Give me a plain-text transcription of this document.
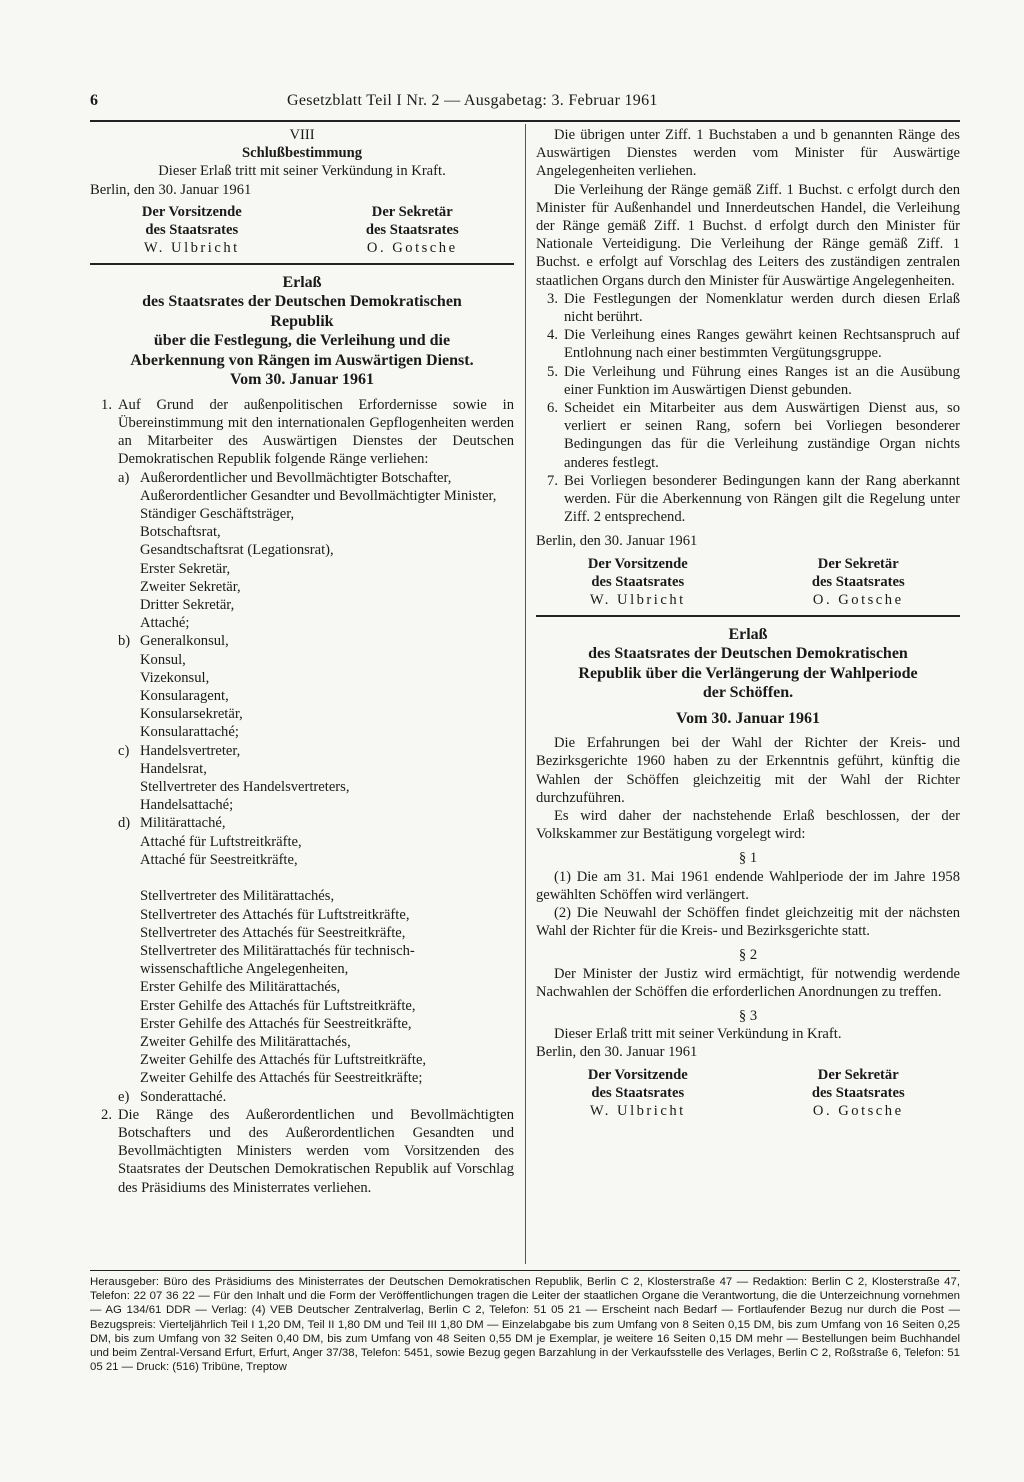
6	Gesetzblatt Teil I Nr. 2 — Ausgabetag: 3. Februar 1961
VIII
Schlußbestimmung
Dieser Erlaß tritt mit seiner Verkündung in Kraft.
Berlin, den 30. Januar 1961
Der Vorsitzende
des Staatsrates
W. Ulbricht
Der Sekretär
des Staatsrates
O. Gotsche
Erlaß
des Staatsrates der Deutschen Demokratischen
Republik
über die Festlegung, die Verleihung und die
Aberkennung von Rängen im Auswärtigen Dienst.
Vom 30. Januar 1961
1. Auf Grund der außenpolitischen Erfordernisse sowie in Übereinstimmung mit den internationalen Gepflogenheiten werden an Mitarbeiter des Auswärtigen Dienstes der Deutschen Demokratischen Republik folgende Ränge verliehen:
a) Außerordentlicher und Bevollmächtigter Botschafter,
Außerordentlicher Gesandter und Bevollmächtigter Minister,
Ständiger Geschäftsträger,
Botschaftsrat,
Gesandtschaftsrat (Legationsrat),
Erster Sekretär,
Zweiter Sekretär,
Dritter Sekretär,
Attaché;
b) Generalkonsul,
Konsul,
Vizekonsul,
Konsularagent,
Konsularsekretär,
Konsularattaché;
c) Handelsvertreter,
Handelsrat,
Stellvertreter des Handelsvertreters,
Handelsattaché;
d) Militärattaché,
Attaché für Luftstreitkräfte,
Attaché für Seestreitkräfte,

Stellvertreter des Militärattachés,
Stellvertreter des Attachés für Luftstreitkräfte,
Stellvertreter des Attachés für Seestreitkräfte,
Stellvertreter des Militärattachés für technisch-wissenschaftliche Angelegenheiten,
Erster Gehilfe des Militärattachés,
Erster Gehilfe des Attachés für Luftstreitkräfte,
Erster Gehilfe des Attachés für Seestreitkräfte,
Zweiter Gehilfe des Militärattachés,
Zweiter Gehilfe des Attachés für Luftstreitkräfte,
Zweiter Gehilfe des Attachés für Seestreitkräfte;
e) Sonderattaché.
2. Die Ränge des Außerordentlichen und Bevollmächtigten Botschafters und des Außerordentlichen Gesandten und Bevollmächtigten Ministers werden vom Vorsitzenden des Staatsrates der Deutschen Demokratischen Republik auf Vorschlag des Präsidiums des Ministerrates verliehen.

Die übrigen unter Ziff. 1 Buchstaben a und b genannten Ränge des Auswärtigen Dienstes werden vom Minister für Auswärtige Angelegenheiten verliehen.

Die Verleihung der Ränge gemäß Ziff. 1 Buchst. c erfolgt durch den Minister für Außenhandel und Innerdeutschen Handel, die Verleihung der Ränge gemäß Ziff. 1 Buchst. d erfolgt durch den Minister für Nationale Verteidigung. Die Verleihung der Ränge gemäß Ziff. 1 Buchst. e erfolgt auf Vorschlag des Leiters des zuständigen zentralen staatlichen Organs durch den Minister für Auswärtige Angelegenheiten.

3. Die Festlegungen der Nomenklatur werden durch diesen Erlaß nicht berührt.
4. Die Verleihung eines Ranges gewährt keinen Rechtsanspruch auf Entlohnung nach einer bestimmten Vergütungsgruppe.
5. Die Verleihung und Führung eines Ranges ist an die Ausübung einer Funktion im Auswärtigen Dienst gebunden.
6. Scheidet ein Mitarbeiter aus dem Auswärtigen Dienst aus, so verliert er seinen Rang, sofern bei Vorliegen besonderer Bedingungen das für die Verleihung zuständige Organ nichts anderes festlegt.
7. Bei Vorliegen besonderer Bedingungen kann der Rang aberkannt werden. Für die Aberkennung von Rängen gilt die Regelung unter Ziff. 2 entsprechend.
Berlin, den 30. Januar 1961
Der Vorsitzende
des Staatsrates
W. Ulbricht
Der Sekretär
des Staatsrates
O. Gotsche
Erlaß
des Staatsrates der Deutschen Demokratischen
Republik über die Verlängerung der Wahlperiode
der Schöffen.
Vom 30. Januar 1961

Die Erfahrungen bei der Wahl der Richter der Kreis- und Bezirksgerichte 1960 haben zu der Erkenntnis geführt, künftig die Wahlen der Schöffen gleichzeitig mit der Wahl der Richter durchzuführen.

Es wird daher der nachstehende Erlaß beschlossen, der der Volkskammer zur Bestätigung vorgelegt wird:

§ 1

(1) Die am 31. Mai 1961 endende Wahlperiode der im Jahre 1958 gewählten Schöffen wird verlängert.

(2) Die Neuwahl der Schöffen findet gleichzeitig mit der nächsten Wahl der Richter für die Kreis- und Bezirksgerichte statt.

§ 2

Der Minister der Justiz wird ermächtigt, für notwendig werdende Nachwahlen der Schöffen die erforderlichen Anordnungen zu treffen.

§ 3

Dieser Erlaß tritt mit seiner Verkündung in Kraft.

Berlin, den 30. Januar 1961
Der Vorsitzende
des Staatsrates
W. Ulbricht
Der Sekretär
des Staatsrates
O. Gotsche
Herausgeber: Büro des Präsidiums des Ministerrates der Deutschen Demokratischen Republik, Berlin C 2, Klosterstraße 47 — Redaktion: Berlin C 2, Klosterstraße 47, Telefon: 22 07 36 22 — Für den Inhalt und die Form der Veröffentlichungen tragen die Leiter der staatlichen Organe die Verantwortung, die die Unterzeichnung vornehmen — AG 134/61 DDR — Verlag: (4) VEB Deutscher Zentralverlag, Berlin C 2, Telefon: 51 05 21 — Erscheint nach Bedarf — Fortlaufender Bezug nur durch die Post — Bezugspreis: Vierteljährlich Teil I 1,20 DM, Teil II 1,80 DM und Teil III 1,80 DM — Einzelabgabe bis zum Umfang von 8 Seiten 0,15 DM, bis zum Umfang von 16 Seiten 0,25 DM, bis zum Umfang von 32 Seiten 0,40 DM, bis zum Umfang von 48 Seiten 0,55 DM je Exemplar, je weitere 16 Seiten 0,15 DM mehr — Bestellungen beim Buchhandel und beim Zentral-Versand Erfurt, Erfurt, Anger 37/38, Telefon: 5451, sowie Bezug gegen Barzahlung in der Verkaufsstelle des Verlages, Berlin C 2, Roßstraße 6, Telefon: 51 05 21 — Druck: (516) Tribüne, Treptow
